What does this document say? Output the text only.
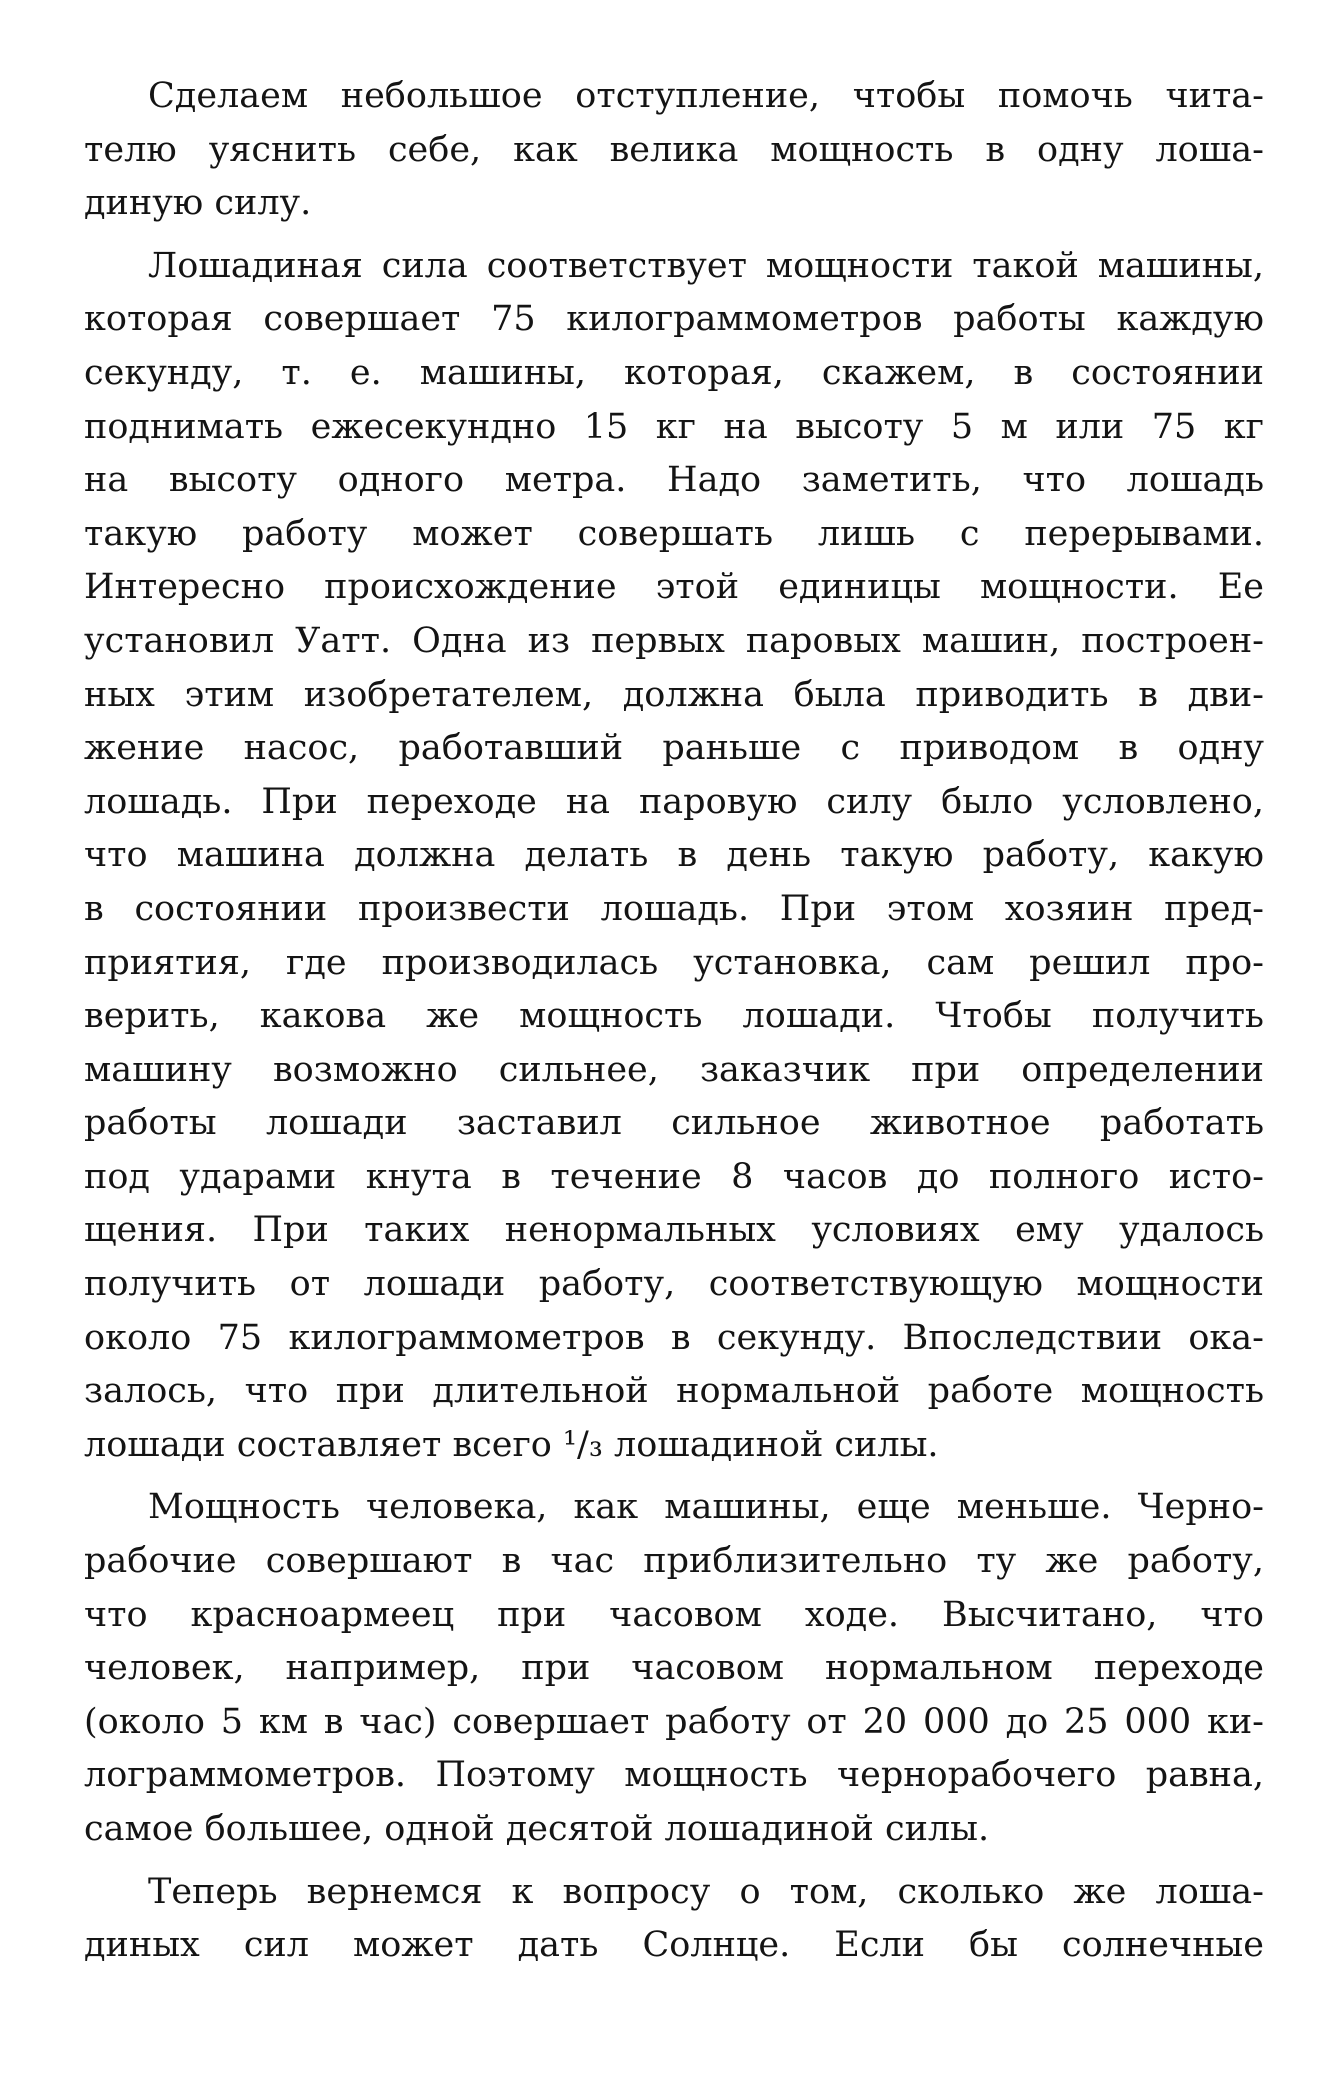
Сделаем небольшое отступление, чтобы помочь чита-
телю уяснить себе, как велика мощность в одну лоша-
диную силу.
Лошадиная сила соответствует мощности такой машины,
которая совершает 75 килограммометров работы каждую
секунду, т. е. машины, которая, скажем, в состоянии
поднимать ежесекундно 15 кг на высоту 5 м или 75 кг
на высоту одного метра. Надо заметить, что лошадь
такую работу может совершать лишь с перерывами.
Интересно происхождение этой единицы мощности. Ее
установил Уатт. Одна из первых паровых машин, построен-
ных этим изобретателем, должна была приводить в дви-
жение насос, работавший раньше с приводом в одну
лошадь. При переходе на паровую силу было условлено,
что машина должна делать в день такую работу, какую
в состоянии произвести лошадь. При этом хозяин пред-
приятия, где производилась установка, сам решил про-
верить, какова же мощность лошади. Чтобы получить
машину возможно сильнее, заказчик при определении
работы лошади заставил сильное животное работать
под ударами кнута в течение 8 часов до полного исто-
щения. При таких ненормальных условиях ему удалось
получить от лошади работу, соответствующую мощности
около 75 килограммометров в секунду. Впоследствии ока-
залось, что при длительной нормальной работе мощность
лошади составляет всего ¹/₃ лошадиной силы.
Мощность человека, как машины, еще меньше. Черно-
рабочие совершают в час приблизительно ту же работу,
что красноармеец при часовом ходе. Высчитано, что
человек, например, при часовом нормальном переходе
(около 5 км в час) совершает работу от 20 000 до 25 000 ки-
лограммометров. Поэтому мощность чернорабочего равна,
самое большее, одной десятой лошадиной силы.
Теперь вернемся к вопросу о том, сколько же лоша-
диных сил может дать Солнце. Если бы солнечные
